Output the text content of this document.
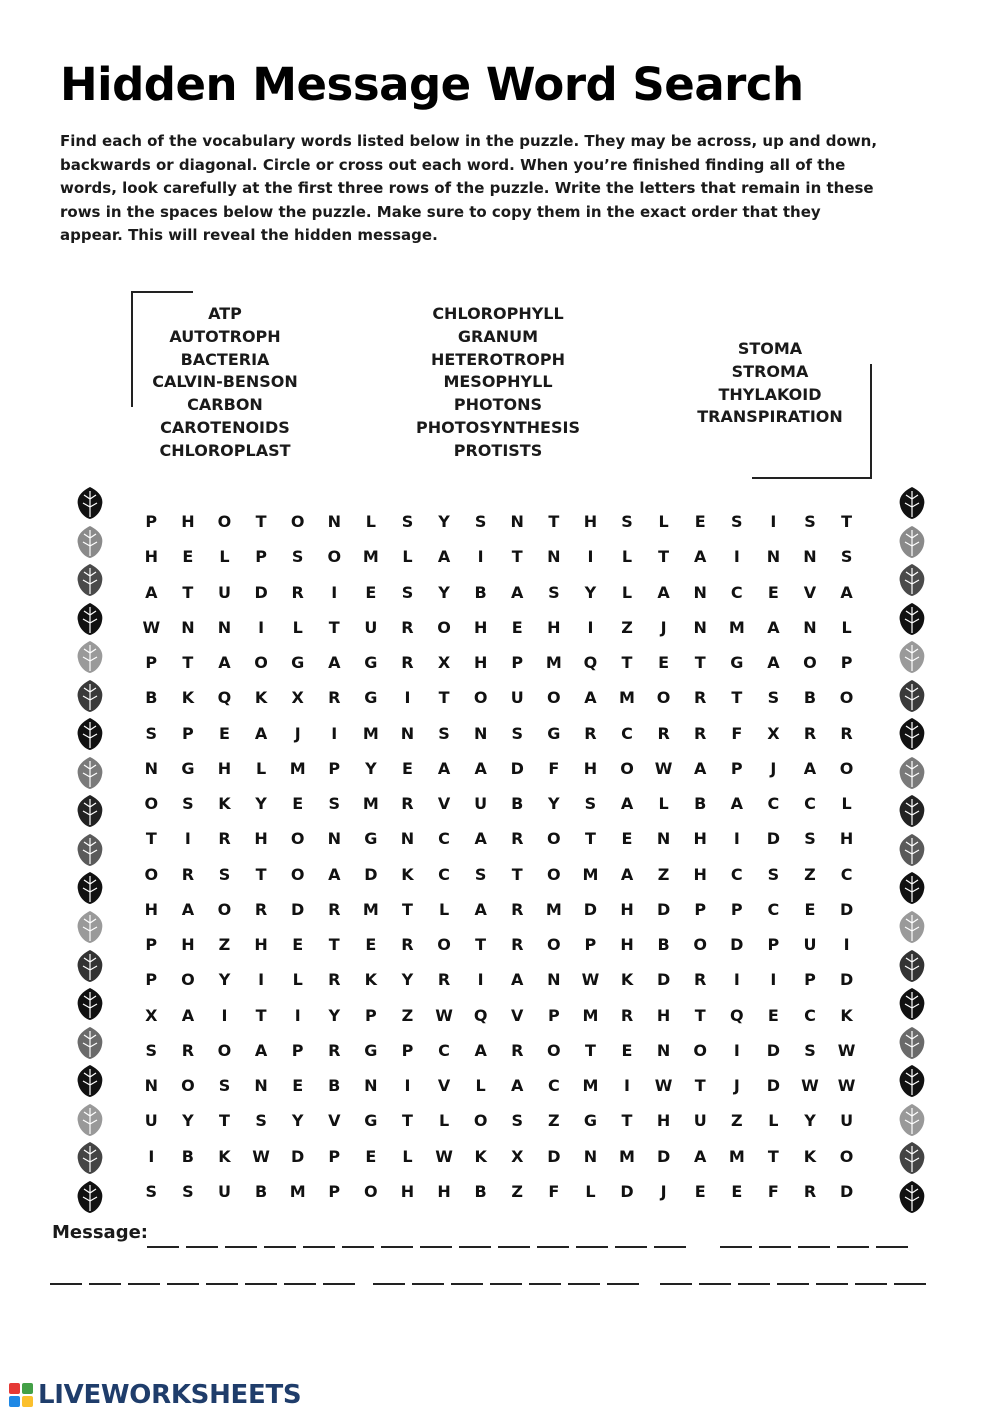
Hidden Message Word Search
Find each of the vocabulary words listed below in the puzzle. They may be across, up and down, backwards or diagonal. Circle or cross out each word. When you’re finished finding all of the words, look carefully at the first three rows of the puzzle. Write the letters that remain in these rows in the spaces below the puzzle. Make sure to copy them in the exact order that they appear. This will reveal the hidden message.
ATP
AUTOTROPH
BACTERIA
CALVIN-BENSON
CARBON
CAROTENOIDS
CHLOROPLAST
CHLOROPHYLL
GRANUM
HETEROTROPH
MESOPHYLL
PHOTONS
PHOTOSYNTHESIS
PROTISTS
STOMA
STROMA
THYLAKOID
TRANSPIRATION
P	H	O	T	O	N	L	S	Y	S	N	T	H	S	L	E	S	I	S	T
H	E	L	P	S	O	M	L	A	I	T	N	I	L	T	A	I	N	N	S
A	T	U	D	R	I	E	S	Y	B	A	S	Y	L	A	N	C	E	V	A
W	N	N	I	L	T	U	R	O	H	E	H	I	Z	J	N	M	A	N	L
P	T	A	O	G	A	G	R	X	H	P	M	Q	T	E	T	G	A	O	P
B	K	Q	K	X	R	G	I	T	O	U	O	A	M	O	R	T	S	B	O
S	P	E	A	J	I	M	N	S	N	S	G	R	C	R	R	F	X	R	R
N	G	H	L	M	P	Y	E	A	A	D	F	H	O	W	A	P	J	A	O
O	S	K	Y	E	S	M	R	V	U	B	Y	S	A	L	B	A	C	C	L
T	I	R	H	O	N	G	N	C	A	R	O	T	E	N	H	I	D	S	H
O	R	S	T	O	A	D	K	C	S	T	O	M	A	Z	H	C	S	Z	C
H	A	O	R	D	R	M	T	L	A	R	M	D	H	D	P	P	C	E	D
P	H	Z	H	E	T	E	R	O	T	R	O	P	H	B	O	D	P	U	I
P	O	Y	I	L	R	K	Y	R	I	A	N	W	K	D	R	I	I	P	D
X	A	I	T	I	Y	P	Z	W	Q	V	P	M	R	H	T	Q	E	C	K
S	R	O	A	P	R	G	P	C	A	R	O	T	E	N	O	I	D	S	W
N	O	S	N	E	B	N	I	V	L	A	C	M	I	W	T	J	D	W	W
U	Y	T	S	Y	V	G	T	L	O	S	Z	G	T	H	U	Z	L	Y	U
I	B	K	W	D	P	E	L	W	K	X	D	N	M	D	A	M	T	K	O
S	S	U	B	M	P	O	H	H	B	Z	F	L	D	J	E	E	F	R	D
Message:
LIVEWORKSHEETS
